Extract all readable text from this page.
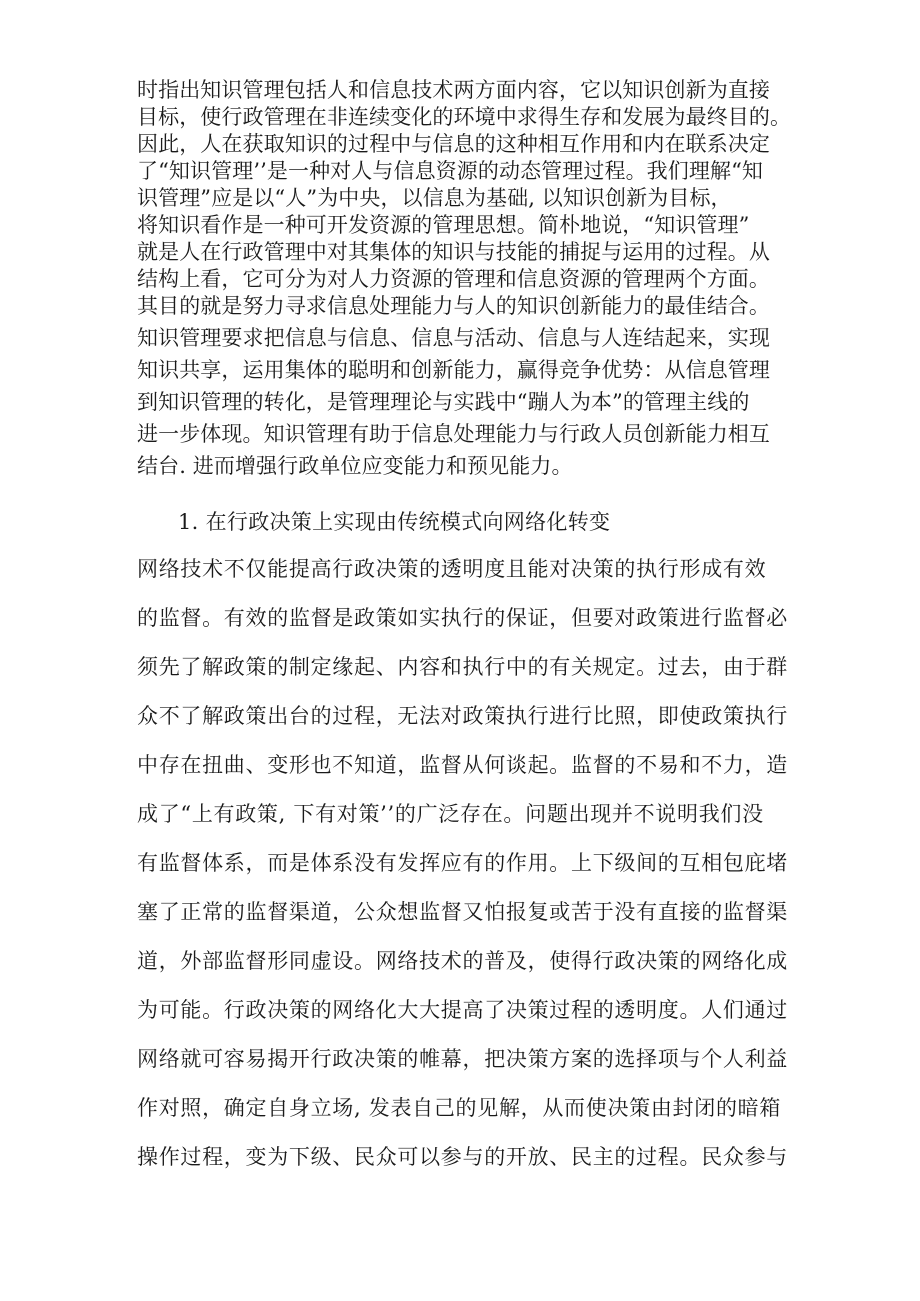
时指出知识管理包括人和信息技术两方面内容，它以知识创新为直接
目标，使行政管理在非连续变化的环境中求得生存和发展为最终目的。
因此，人在获取知识的过程中与信息的这种相互作用和内在联系决定
了“知识管理’’是一种对人与信息资源的动态管理过程。我们理解“知
识管理”应是以“人”为中央，以信息为基础, 以知识创新为目标，
将知识看作是一种可开发资源的管理思想。简朴地说，“知识管理”
就是人在行政管理中对其集体的知识与技能的捕捉与运用的过程。从
结构上看，它可分为对人力资源的管理和信息资源的管理两个方面。
其目的就是努力寻求信息处理能力与人的知识创新能力的最佳结合。
知识管理要求把信息与信息、信息与活动、信息与人连结起来，实现
知识共享，运用集体的聪明和创新能力，赢得竞争优势：从信息管理
到知识管理的转化，是管理理论与实践中“蹦人为本”的管理主线的
进一步体现。知识管理有助于信息处理能力与行政人员创新能力相互
结台. 进而增强行政单位应变能力和预见能力。
1. 在行政决策上实现由传统模式向网络化转变
网络技术不仅能提高行政决策的透明度且能对决策的执行形成有效
的监督。有效的监督是政策如实执行的保证，但要对政策进行监督必
须先了解政策的制定缘起、内容和执行中的有关规定。过去，由于群
众不了解政策出台的过程，无法对政策执行进行比照，即使政策执行
中存在扭曲、变形也不知道，监督从何谈起。监督的不易和不力，造
成了“上有政策, 下有对策’’的广泛存在。问题出现并不说明我们没
有监督体系，而是体系没有发挥应有的作用。上下级间的互相包庇堵
塞了正常的监督渠道，公众想监督又怕报复或苦于没有直接的监督渠
道，外部监督形同虚设。网络技术的普及，使得行政决策的网络化成
为可能。行政决策的网络化大大提高了决策过程的透明度。人们通过
网络就可容易揭开行政决策的帷幕，把决策方案的选择项与个人利益
作对照，确定自身立场, 发表自己的见解，从而使决策由封闭的暗箱
操作过程，变为下级、民众可以参与的开放、民主的过程。民众参与
